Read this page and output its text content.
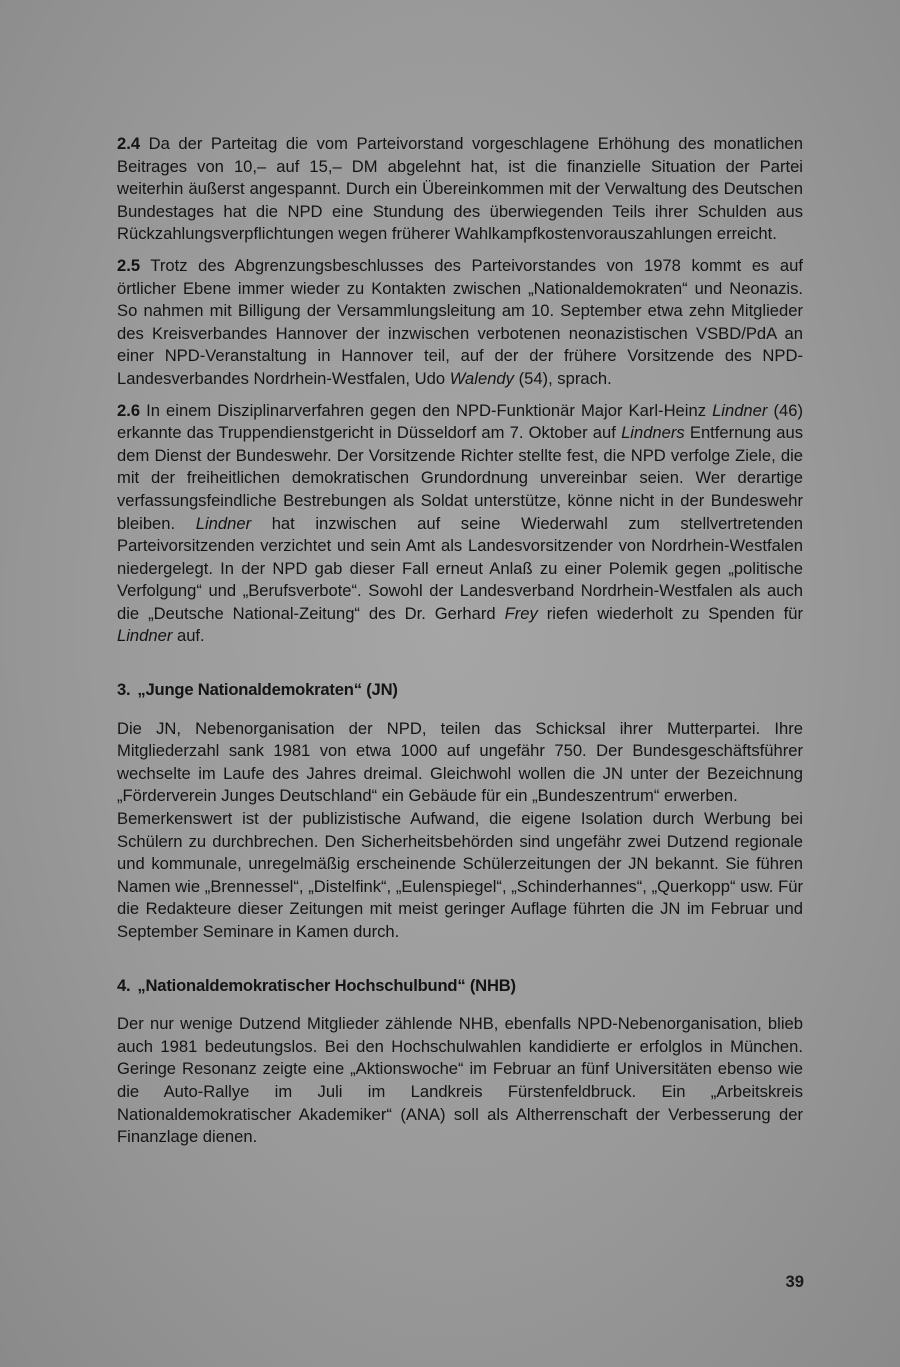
2.4 Da der Parteitag die vom Parteivorstand vorgeschlagene Erhöhung des monatlichen Beitrages von 10,– auf 15,– DM abgelehnt hat, ist die finanzielle Situation der Partei weiterhin äußerst angespannt. Durch ein Übereinkommen mit der Verwaltung des Deutschen Bundestages hat die NPD eine Stundung des überwiegenden Teils ihrer Schulden aus Rückzahlungsverpflichtungen wegen früherer Wahlkampfkostenvorauszahlungen erreicht.

2.5 Trotz des Abgrenzungsbeschlusses des Parteivorstandes von 1978 kommt es auf örtlicher Ebene immer wieder zu Kontakten zwischen „Nationaldemokraten“ und Neonazis. So nahmen mit Billigung der Versammlungsleitung am 10. September etwa zehn Mitglieder des Kreisverbandes Hannover der inzwischen verbotenen neonazistischen VSBD/PdA an einer NPD-Veranstaltung in Hannover teil, auf der der frühere Vorsitzende des NPD-Landesverbandes Nordrhein-Westfalen, Udo Walendy (54), sprach.

2.6 In einem Disziplinarverfahren gegen den NPD-Funktionär Major Karl-Heinz Lindner (46) erkannte das Truppendienstgericht in Düsseldorf am 7. Oktober auf Lindners Entfernung aus dem Dienst der Bundeswehr. Der Vorsitzende Richter stellte fest, die NPD verfolge Ziele, die mit der freiheitlichen demokratischen Grundordnung unvereinbar seien. Wer derartige verfassungsfeindliche Bestrebungen als Soldat unterstütze, könne nicht in der Bundeswehr bleiben. Lindner hat inzwischen auf seine Wiederwahl zum stellvertretenden Parteivorsitzenden verzichtet und sein Amt als Landesvorsitzender von Nordrhein-Westfalen niedergelegt. In der NPD gab dieser Fall erneut Anlaß zu einer Polemik gegen „politische Verfolgung“ und „Berufsverbote“. Sowohl der Landesverband Nordrhein-Westfalen als auch die „Deutsche National-Zeitung“ des Dr. Gerhard Frey riefen wiederholt zu Spenden für Lindner auf.

3. „Junge Nationaldemokraten“ (JN)

Die JN, Nebenorganisation der NPD, teilen das Schicksal ihrer Mutterpartei. Ihre Mitgliederzahl sank 1981 von etwa 1000 auf ungefähr 750. Der Bundesgeschäftsführer wechselte im Laufe des Jahres dreimal. Gleichwohl wollen die JN unter der Bezeichnung „Förderverein Junges Deutschland“ ein Gebäude für ein „Bundeszentrum“ erwerben.

Bemerkenswert ist der publizistische Aufwand, die eigene Isolation durch Werbung bei Schülern zu durchbrechen. Den Sicherheitsbehörden sind ungefähr zwei Dutzend regionale und kommunale, unregelmäßig erscheinende Schülerzeitungen der JN bekannt. Sie führen Namen wie „Brennessel“, „Distelfink“, „Eulenspiegel“, „Schinderhannes“, „Querkopp“ usw. Für die Redakteure dieser Zeitungen mit meist geringer Auflage führten die JN im Februar und September Seminare in Kamen durch.

4. „Nationaldemokratischer Hochschulbund“ (NHB)

Der nur wenige Dutzend Mitglieder zählende NHB, ebenfalls NPD-Nebenorganisation, blieb auch 1981 bedeutungslos. Bei den Hochschulwahlen kandidierte er erfolglos in München. Geringe Resonanz zeigte eine „Aktionswoche“ im Februar an fünf Universitäten ebenso wie die Auto-Rallye im Juli im Landkreis Fürstenfeldbruck. Ein „Arbeitskreis Nationaldemokratischer Akademiker“ (ANA) soll als Altherrenschaft der Verbesserung der Finanzlage dienen.

39
